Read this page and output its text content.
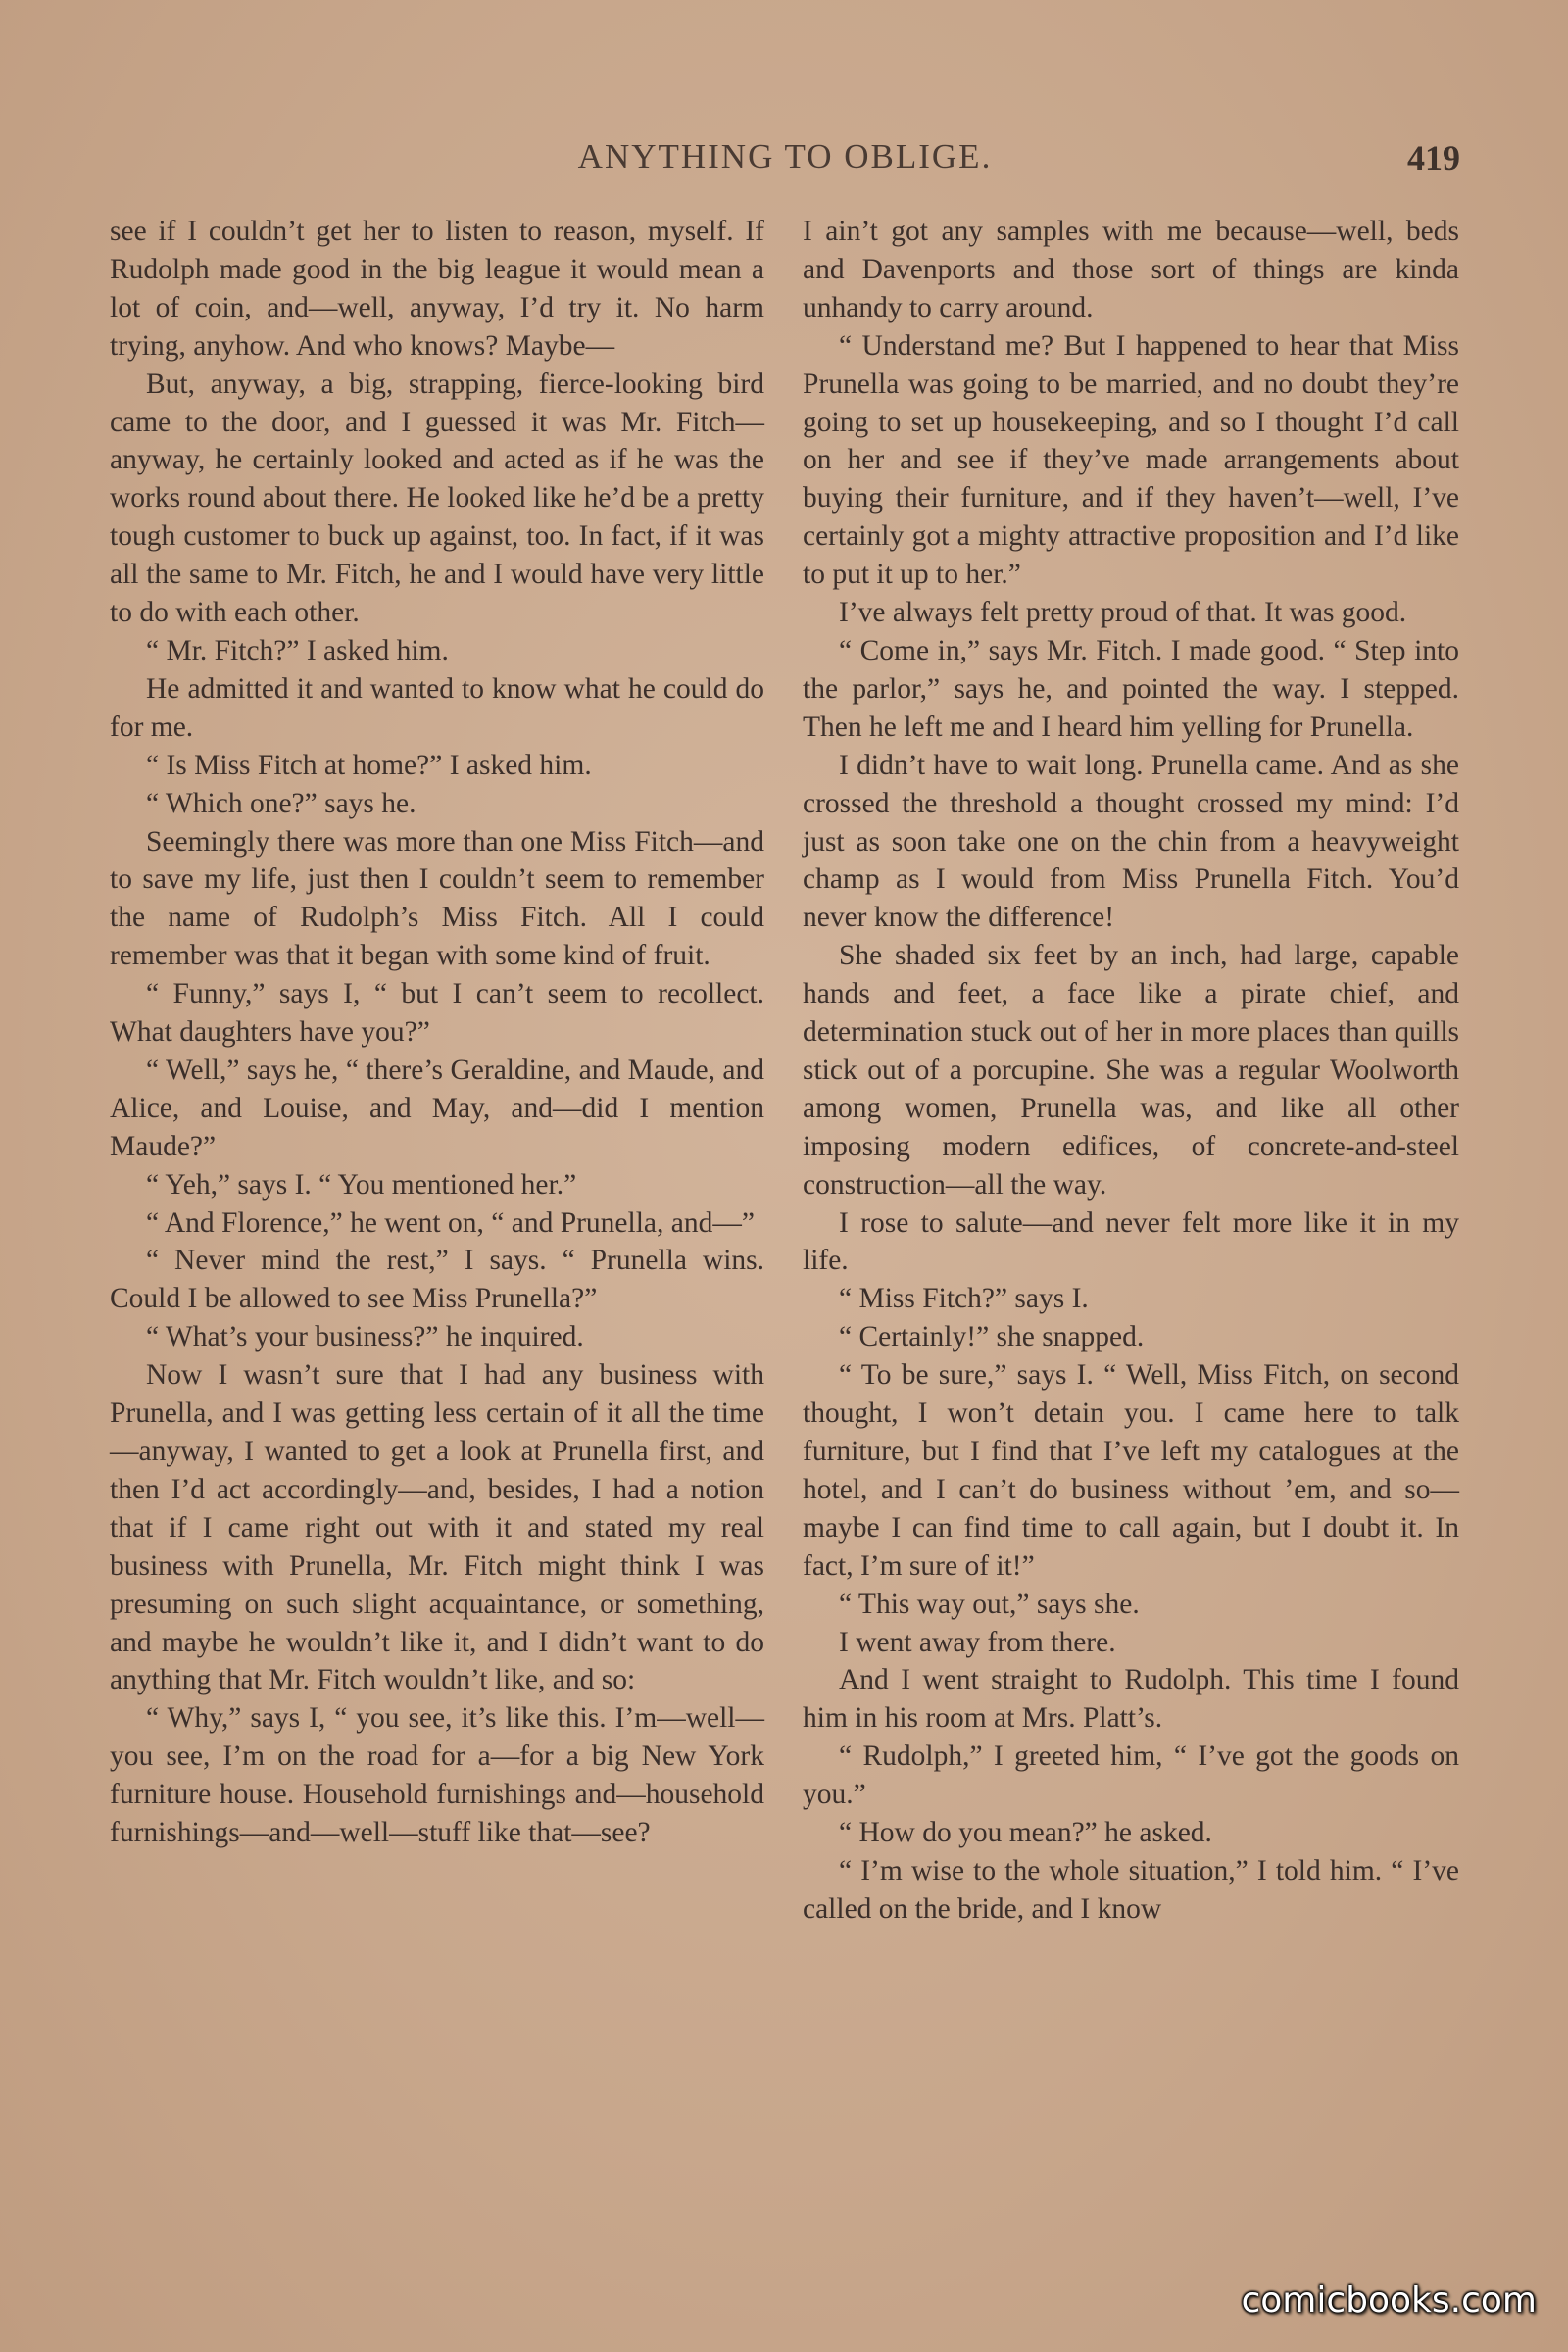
ANYTHING TO OBLIGE.	419

see if I couldn’t get her to listen to reason, myself. If Rudolph made good in the big league it would mean a lot of coin, and—well, anyway, I’d try it. No harm trying, anyhow. And who knows? Maybe—

But, anyway, a big, strapping, fierce-looking bird came to the door, and I guessed it was Mr. Fitch—anyway, he certainly looked and acted as if he was the works round about there. He looked like he’d be a pretty tough customer to buck up against, too. In fact, if it was all the same to Mr. Fitch, he and I would have very little to do with each other.

“ Mr. Fitch?” I asked him.

He admitted it and wanted to know what he could do for me.

“ Is Miss Fitch at home?” I asked him.

“ Which one?” says he.

Seemingly there was more than one Miss Fitch—and to save my life, just then I couldn’t seem to remember the name of Rudolph’s Miss Fitch. All I could remember was that it began with some kind of fruit.

“ Funny,” says I, “ but I can’t seem to recollect. What daughters have you?”

“ Well,” says he, “ there’s Geraldine, and Maude, and Alice, and Louise, and May, and—did I mention Maude?”

“ Yeh,” says I. “ You mentioned her.”

“ And Florence,” he went on, “ and Prunella, and—”

“ Never mind the rest,” I says. “ Prunella wins. Could I be allowed to see Miss Prunella?”

“ What’s your business?” he inquired.

Now I wasn’t sure that I had any business with Prunella, and I was getting less certain of it all the time—anyway, I wanted to get a look at Prunella first, and then I’d act accordingly—and, besides, I had a notion that if I came right out with it and stated my real business with Prunella, Mr. Fitch might think I was presuming on such slight acquaintance, or something, and maybe he wouldn’t like it, and I didn’t want to do anything that Mr. Fitch wouldn’t like, and so:

“ Why,” says I, “ you see, it’s like this. I’m—well—you see, I’m on the road for a—for a big New York furniture house. Household furnishings and—household furnishings—and—well—stuff like that—see?

I ain’t got any samples with me because—well, beds and Davenports and those sort of things are kinda unhandy to carry around.

“ Understand me? But I happened to hear that Miss Prunella was going to be married, and no doubt they’re going to set up housekeeping, and so I thought I’d call on her and see if they’ve made arrangements about buying their furniture, and if they haven’t—well, I’ve certainly got a mighty attractive proposition and I’d like to put it up to her.”

I’ve always felt pretty proud of that. It was good.

“ Come in,” says Mr. Fitch. I made good. “ Step into the parlor,” says he, and pointed the way. I stepped. Then he left me and I heard him yelling for Prunella.

I didn’t have to wait long. Prunella came. And as she crossed the threshold a thought crossed my mind: I’d just as soon take one on the chin from a heavyweight champ as I would from Miss Prunella Fitch. You’d never know the difference!

She shaded six feet by an inch, had large, capable hands and feet, a face like a pirate chief, and determination stuck out of her in more places than quills stick out of a porcupine. She was a regular Woolworth among women, Prunella was, and like all other imposing modern edifices, of concrete-and-steel construction—all the way.

I rose to salute—and never felt more like it in my life.

“ Miss Fitch?” says I.

“ Certainly!” she snapped.

“ To be sure,” says I. “ Well, Miss Fitch, on second thought, I won’t detain you. I came here to talk furniture, but I find that I’ve left my catalogues at the hotel, and I can’t do business without ’em, and so—maybe I can find time to call again, but I doubt it. In fact, I’m sure of it!”

“ This way out,” says she.

I went away from there.

And I went straight to Rudolph. This time I found him in his room at Mrs. Platt’s.

“ Rudolph,” I greeted him, “ I’ve got the goods on you.”

“ How do you mean?” he asked.

“ I’m wise to the whole situation,” I told him. “ I’ve called on the bride, and I know

comicbooks.com
